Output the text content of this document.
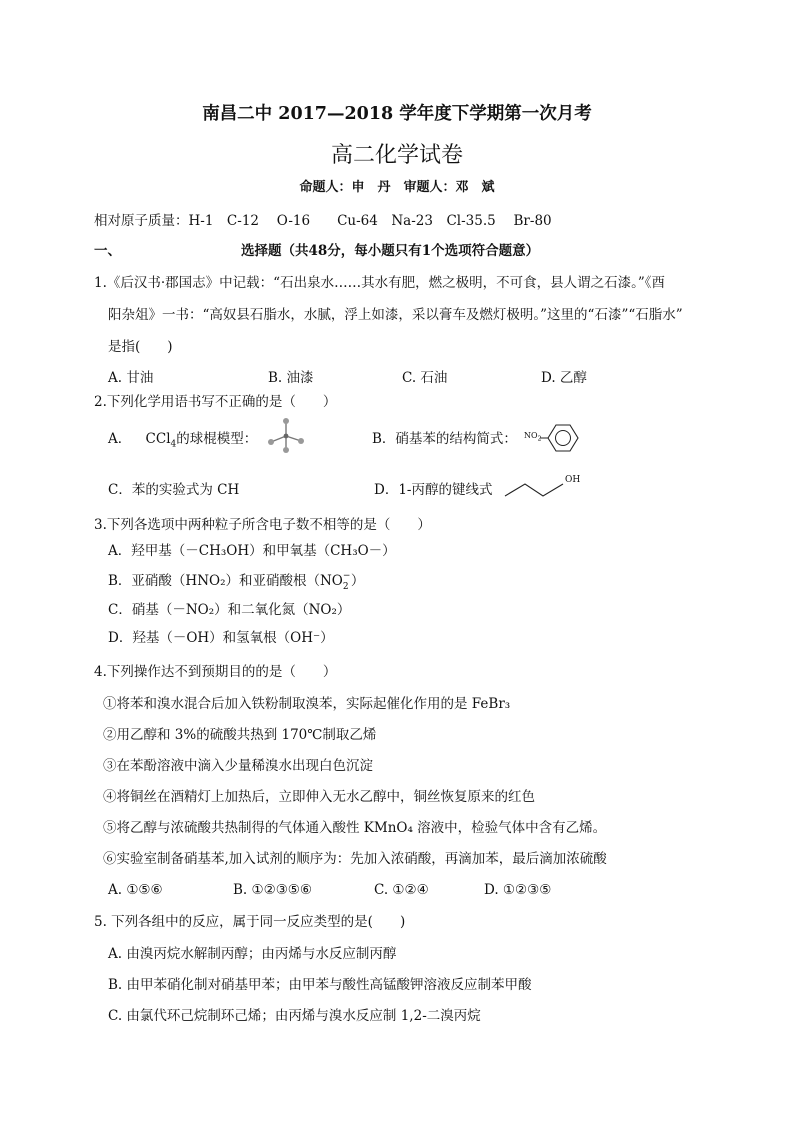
南昌二中 2017—2018 学年度下学期第一次月考
高二化学试卷
命题人：申　丹　审题人：邓　斌
相对原子质量：H-1　C-12　 O-16　　Cu-64　Na-23　Cl-35.5　 Br-80
一、	选择题（共48分，每小题只有1个选项符合题意）
1.《后汉书·郡国志》中记载：“石出泉水……其水有肥，燃之极明，不可食，县人谓之石漆。”《酉
阳杂俎》一书：“高奴县石脂水，水腻，浮上如漆，采以膏车及燃灯极明。”这里的“石漆”“石脂水”
是指(　　)
A. 甘油	B. 油漆	C. 石油	D. 乙醇
2.下列化学用语书写不正确的是（　　）
A． CCl$_4$的球棍模型：	B．硝基苯的结构简式： $NO_2$
C．苯的实验式为 CH	D．1-丙醇的键线式
OH
3.下列各选项中两种粒子所含电子数不相等的是（　　）
A．羟甲基（－CH₃OH）和甲氧基（CH₃O－）
B．亚硝酸（HNO₂）和亚硝酸根（NO −
2 ）
C．硝基（－NO₂）和二氧化氮（NO₂）
D．羟基（－OH）和氢氧根（OH⁻）
4.下列操作达不到预期目的的是（　　）
①将苯和溴水混合后加入铁粉制取溴苯，实际起催化作用的是 FeBr₃
②用乙醇和 3%的硫酸共热到 170℃制取乙烯
③在苯酚溶液中滴入少量稀溴水出现白色沉淀
④将铜丝在酒精灯上加热后，立即伸入无水乙醇中，铜丝恢复原来的红色
⑤将乙醇与浓硫酸共热制得的气体通入酸性 KMnO₄ 溶液中，检验气体中含有乙烯。
⑥实验室制备硝基苯,加入试剂的顺序为：先加入浓硝酸，再滴加苯，最后滴加浓硫酸
A. ①⑤⑥	B. ①②③⑤⑥	C. ①②④	D. ①②③⑤
5. 下列各组中的反应，属于同一反应类型的是(　　)
A. 由溴丙烷水解制丙醇；由丙烯与水反应制丙醇
B. 由甲苯硝化制对硝基甲苯；由甲苯与酸性高锰酸钾溶液反应制苯甲酸
C. 由氯代环己烷制环己烯；由丙烯与溴水反应制 1,2-二溴丙烷
